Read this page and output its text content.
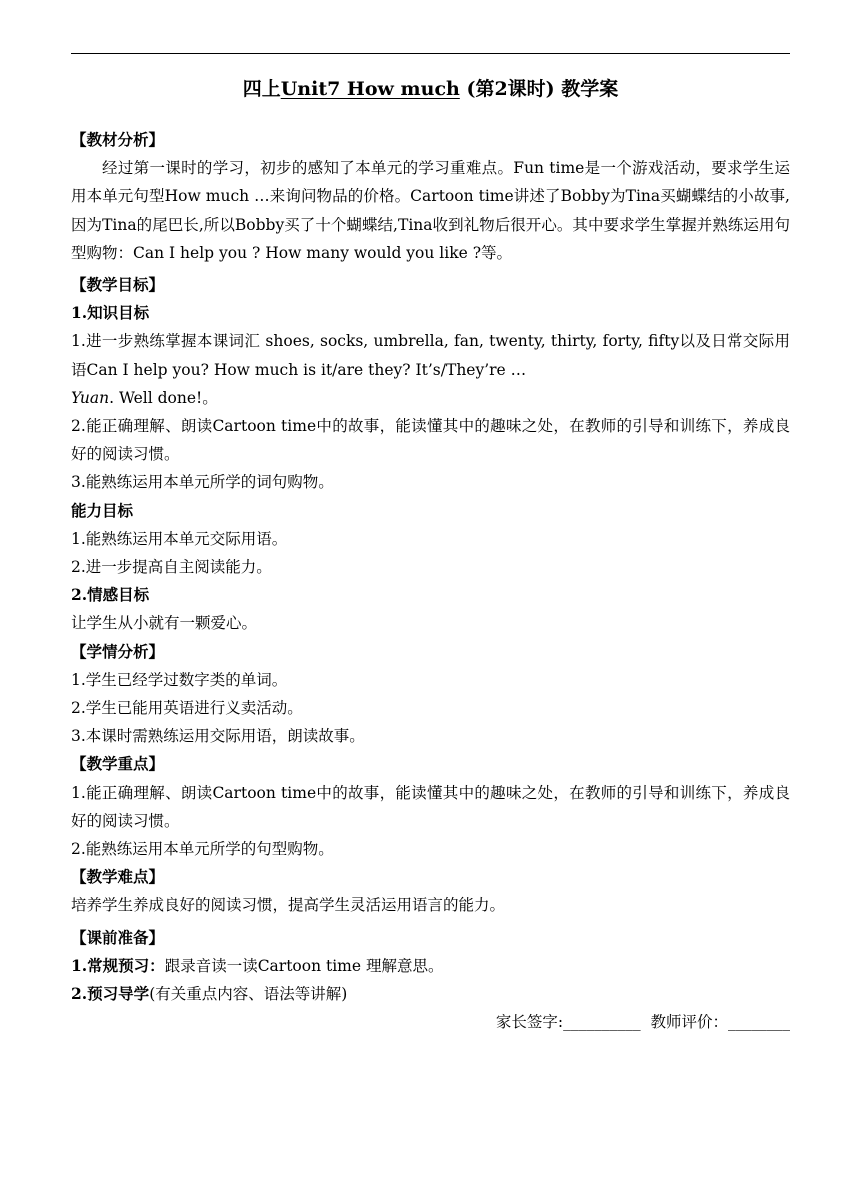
四上Unit7 How much (第2课时) 教学案

【教材分析】

经过第一课时的学习，初步的感知了本单元的学习重难点。Fun time是一个游戏活动，要求学生运用本单元句型How much …来询问物品的价格。Cartoon time讲述了Bobby为Tina买蝴蝶结的小故事,因为Tina的尾巴长,所以Bobby买了十个蝴蝶结,Tina收到礼物后很开心。其中要求学生掌握并熟练运用句型购物：Can I help you ? How many would you like ?等。

【教学目标】

1.知识目标

1.进一步熟练掌握本课词汇 shoes, socks, umbrella, fan, twenty, thirty, forty, fifty以及日常交际用语Can I help you? How much is it/are they? It’s/They’re …
Yuan. Well done!。

2.能正确理解、朗读Cartoon time中的故事，能读懂其中的趣味之处，在教师的引导和训练下，养成良好的阅读习惯。

3.能熟练运用本单元所学的词句购物。

能力目标

1.能熟练运用本单元交际用语。

2.进一步提高自主阅读能力。

2.情感目标

让学生从小就有一颗爱心。

【学情分析】

1.学生已经学过数字类的单词。

2.学生已能用英语进行义卖活动。

3.本课时需熟练运用交际用语，朗读故事。

【教学重点】

1.能正确理解、朗读Cartoon time中的故事，能读懂其中的趣味之处，在教师的引导和训练下，养成良好的阅读习惯。

2.能熟练运用本单元所学的句型购物。

【教学难点】

培养学生养成良好的阅读习惯，提高学生灵活运用语言的能力。

【课前准备】

1.常规预习：跟录音读一读Cartoon time 理解意思。

2.预习导学(有关重点内容、语法等讲解)

家长签字:__________ 教师评价：________
